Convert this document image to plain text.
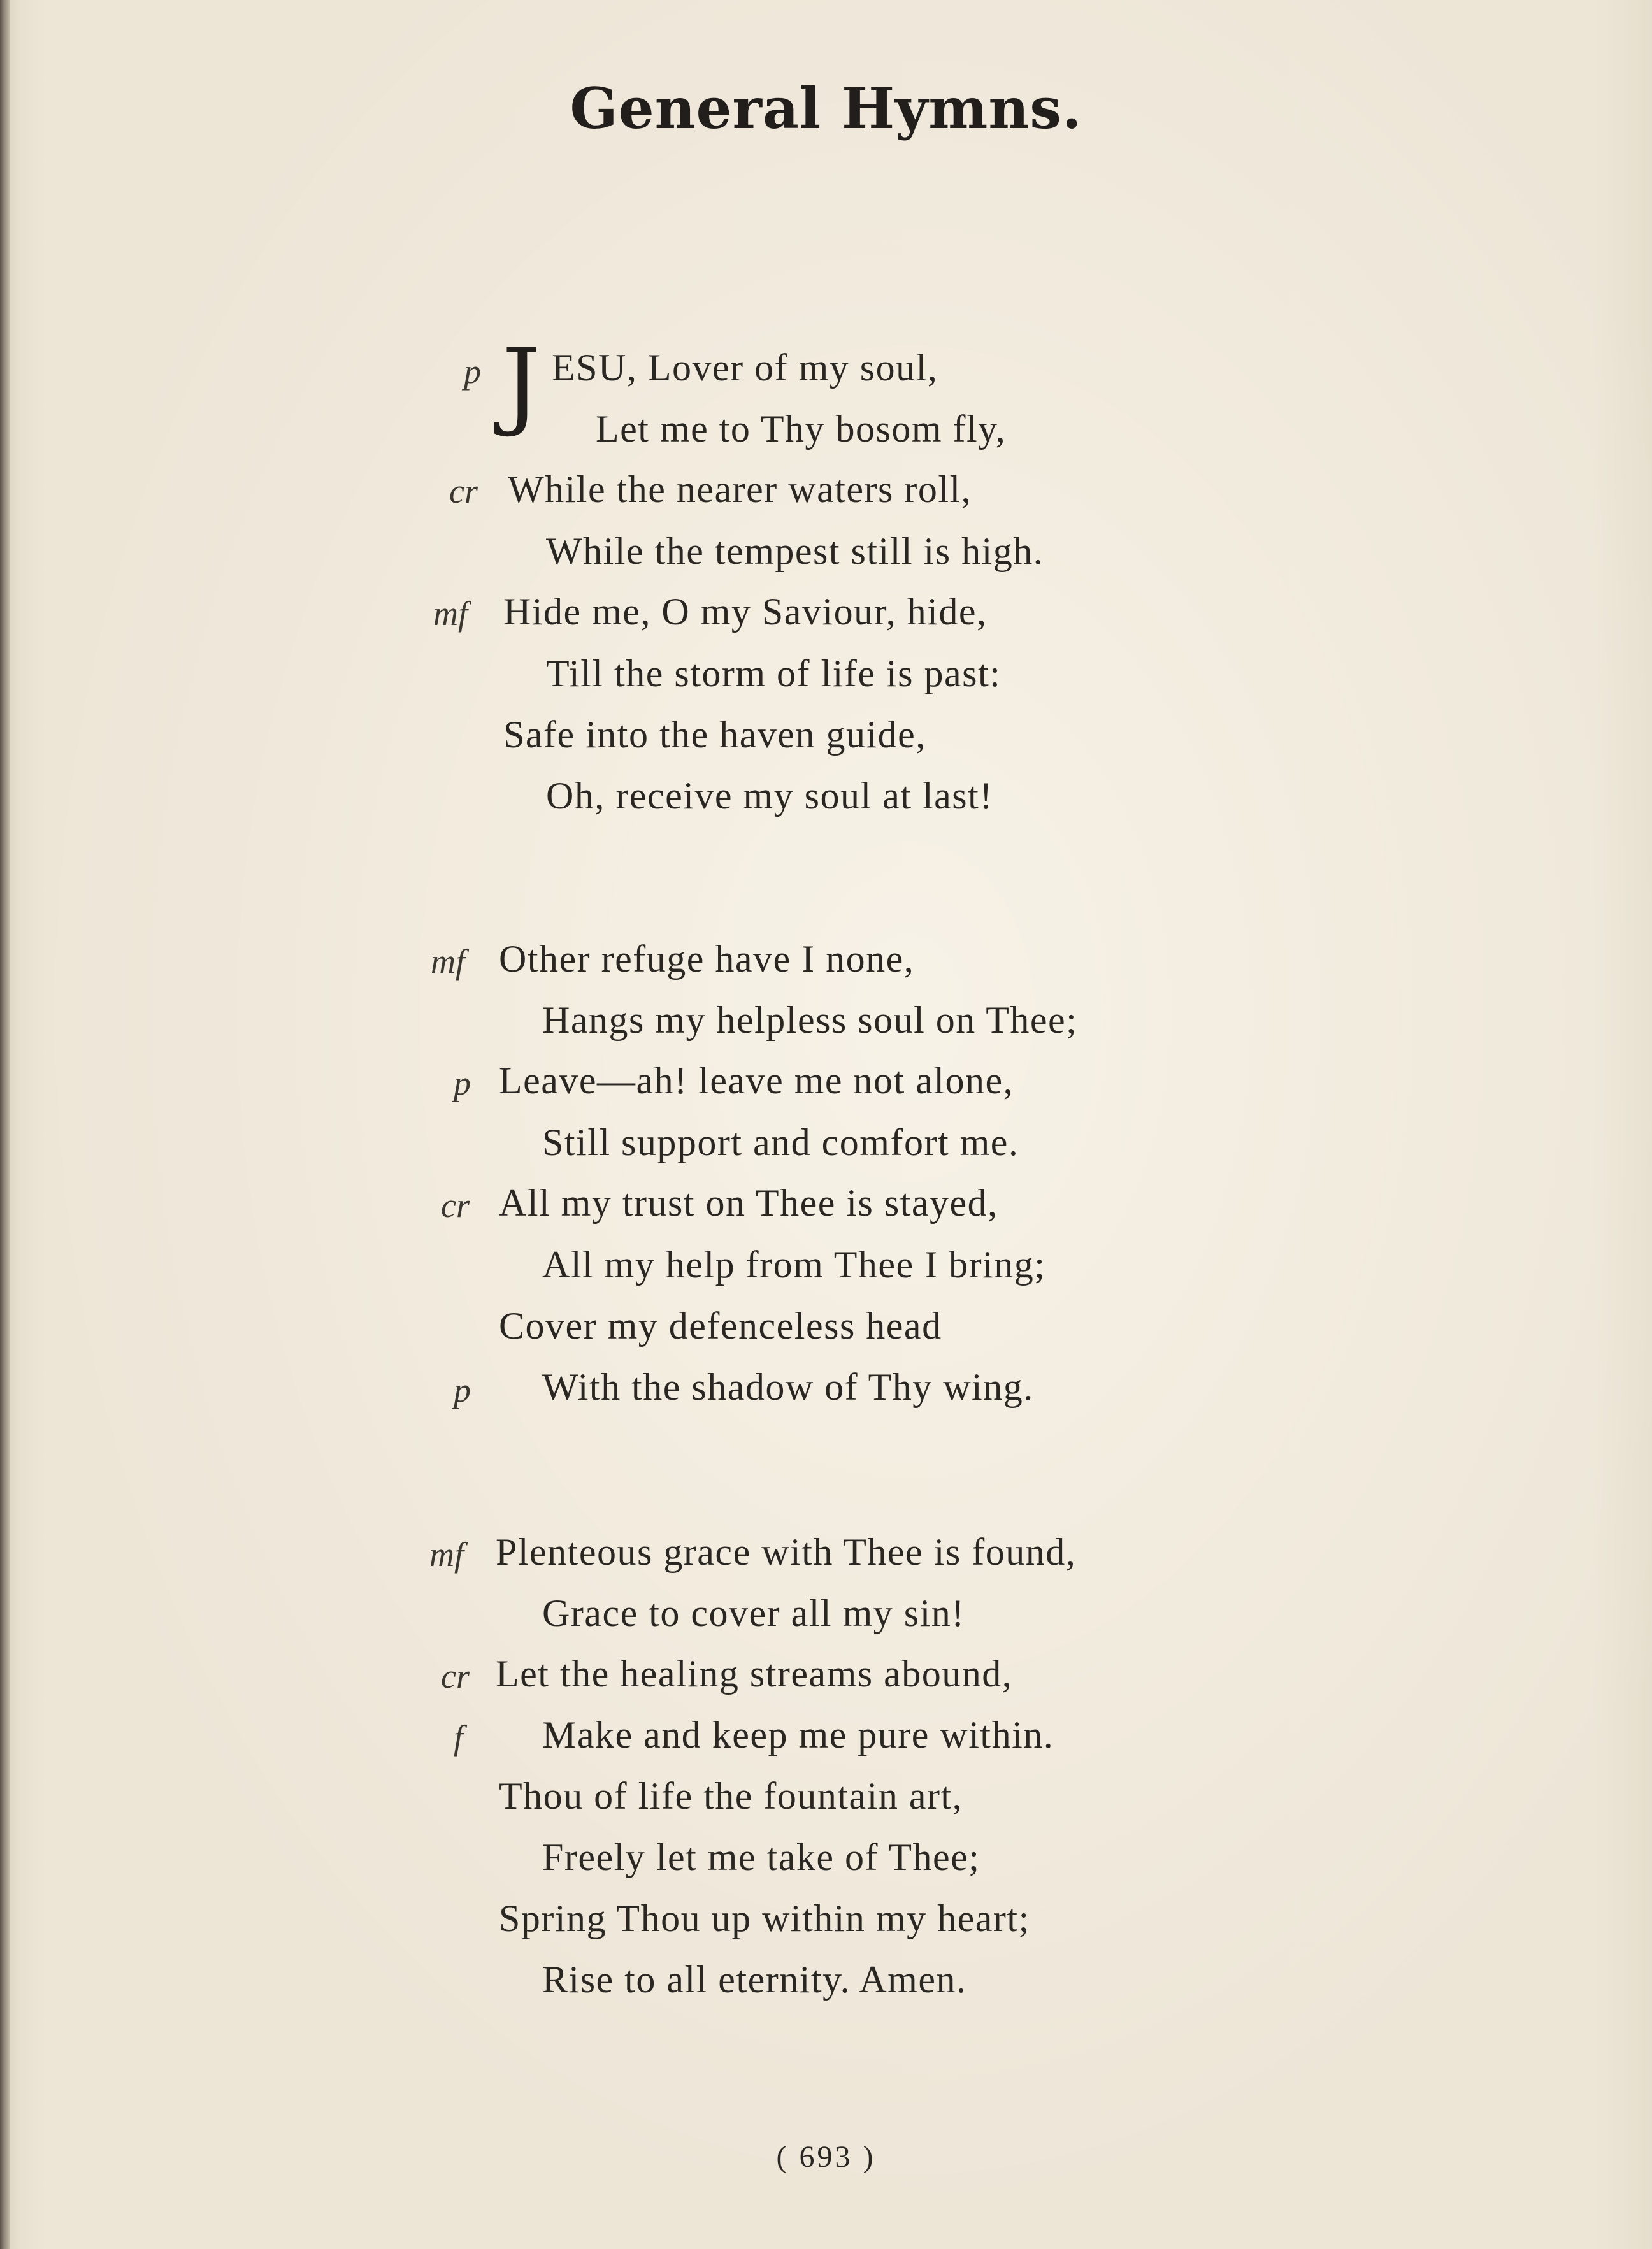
General Hymns.
p J ESU, Lover of my soul,
Let me to Thy bosom fly,
cr While the nearer waters roll,
While the tempest still is high.
mf Hide me, O my Saviour, hide,
Till the storm of life is past:
Safe into the haven guide,
Oh, receive my soul at last!
mf Other refuge have I none,
Hangs my helpless soul on Thee;
p Leave—ah! leave me not alone,
Still support and comfort me.
cr All my trust on Thee is stayed,
All my help from Thee I bring;
Cover my defenceless head
p With the shadow of Thy wing.
mf Plenteous grace with Thee is found,
Grace to cover all my sin!
cr Let the healing streams abound,
f Make and keep me pure within.
Thou of life the fountain art,
Freely let me take of Thee;
Spring Thou up within my heart;
Rise to all eternity. Amen.
( 693 )
